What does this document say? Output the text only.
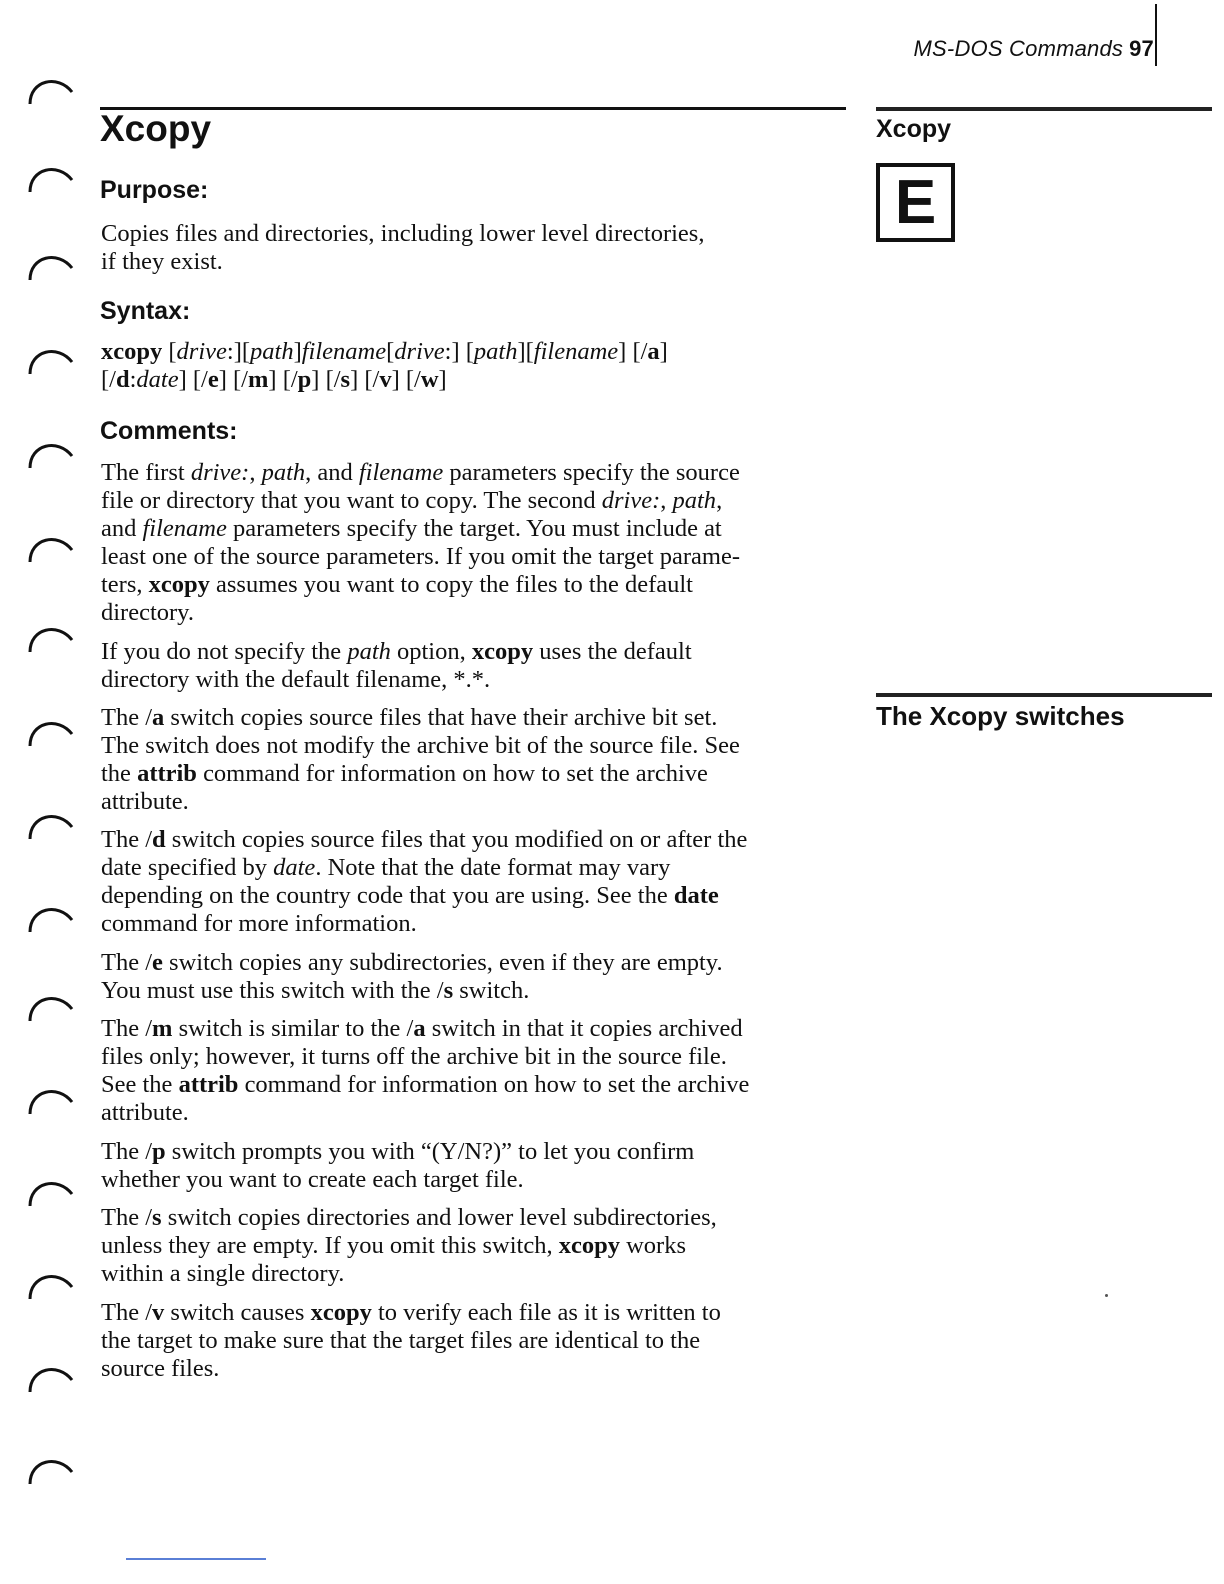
MS-DOS Commands 97
Xcopy	Xcopy
E
The Xcopy switches
Purpose:

Copies files and directories, including lower level directories,
if they exist.

Syntax:

xcopy [drive:][path]filename[drive:] [path][filename] [/a]
[/d:date] [/e] [/m] [/p] [/s] [/v] [/w]

Comments:

The first drive:, path, and filename parameters specify the source
file or directory that you want to copy. The second drive:, path,
and filename parameters specify the target. You must include at
least one of the source parameters. If you omit the target parame-
ters, xcopy assumes you want to copy the files to the default
directory.

If you do not specify the path option, xcopy uses the default
directory with the default filename, *.*.

The /a switch copies source files that have their archive bit set.
The switch does not modify the archive bit of the source file. See
the attrib command for information on how to set the archive
attribute.

The /d switch copies source files that you modified on or after the
date specified by date. Note that the date format may vary
depending on the country code that you are using. See the date
command for more information.

The /e switch copies any subdirectories, even if they are empty.
You must use this switch with the /s switch.

The /m switch is similar to the /a switch in that it copies archived
files only; however, it turns off the archive bit in the source file.
See the attrib command for information on how to set the archive
attribute.

The /p switch prompts you with “(Y/N?)” to let you confirm
whether you want to create each target file.

The /s switch copies directories and lower level subdirectories,
unless they are empty. If you omit this switch, xcopy works
within a single directory.

The /v switch causes xcopy to verify each file as it is written to
the target to make sure that the target files are identical to the
source files.
